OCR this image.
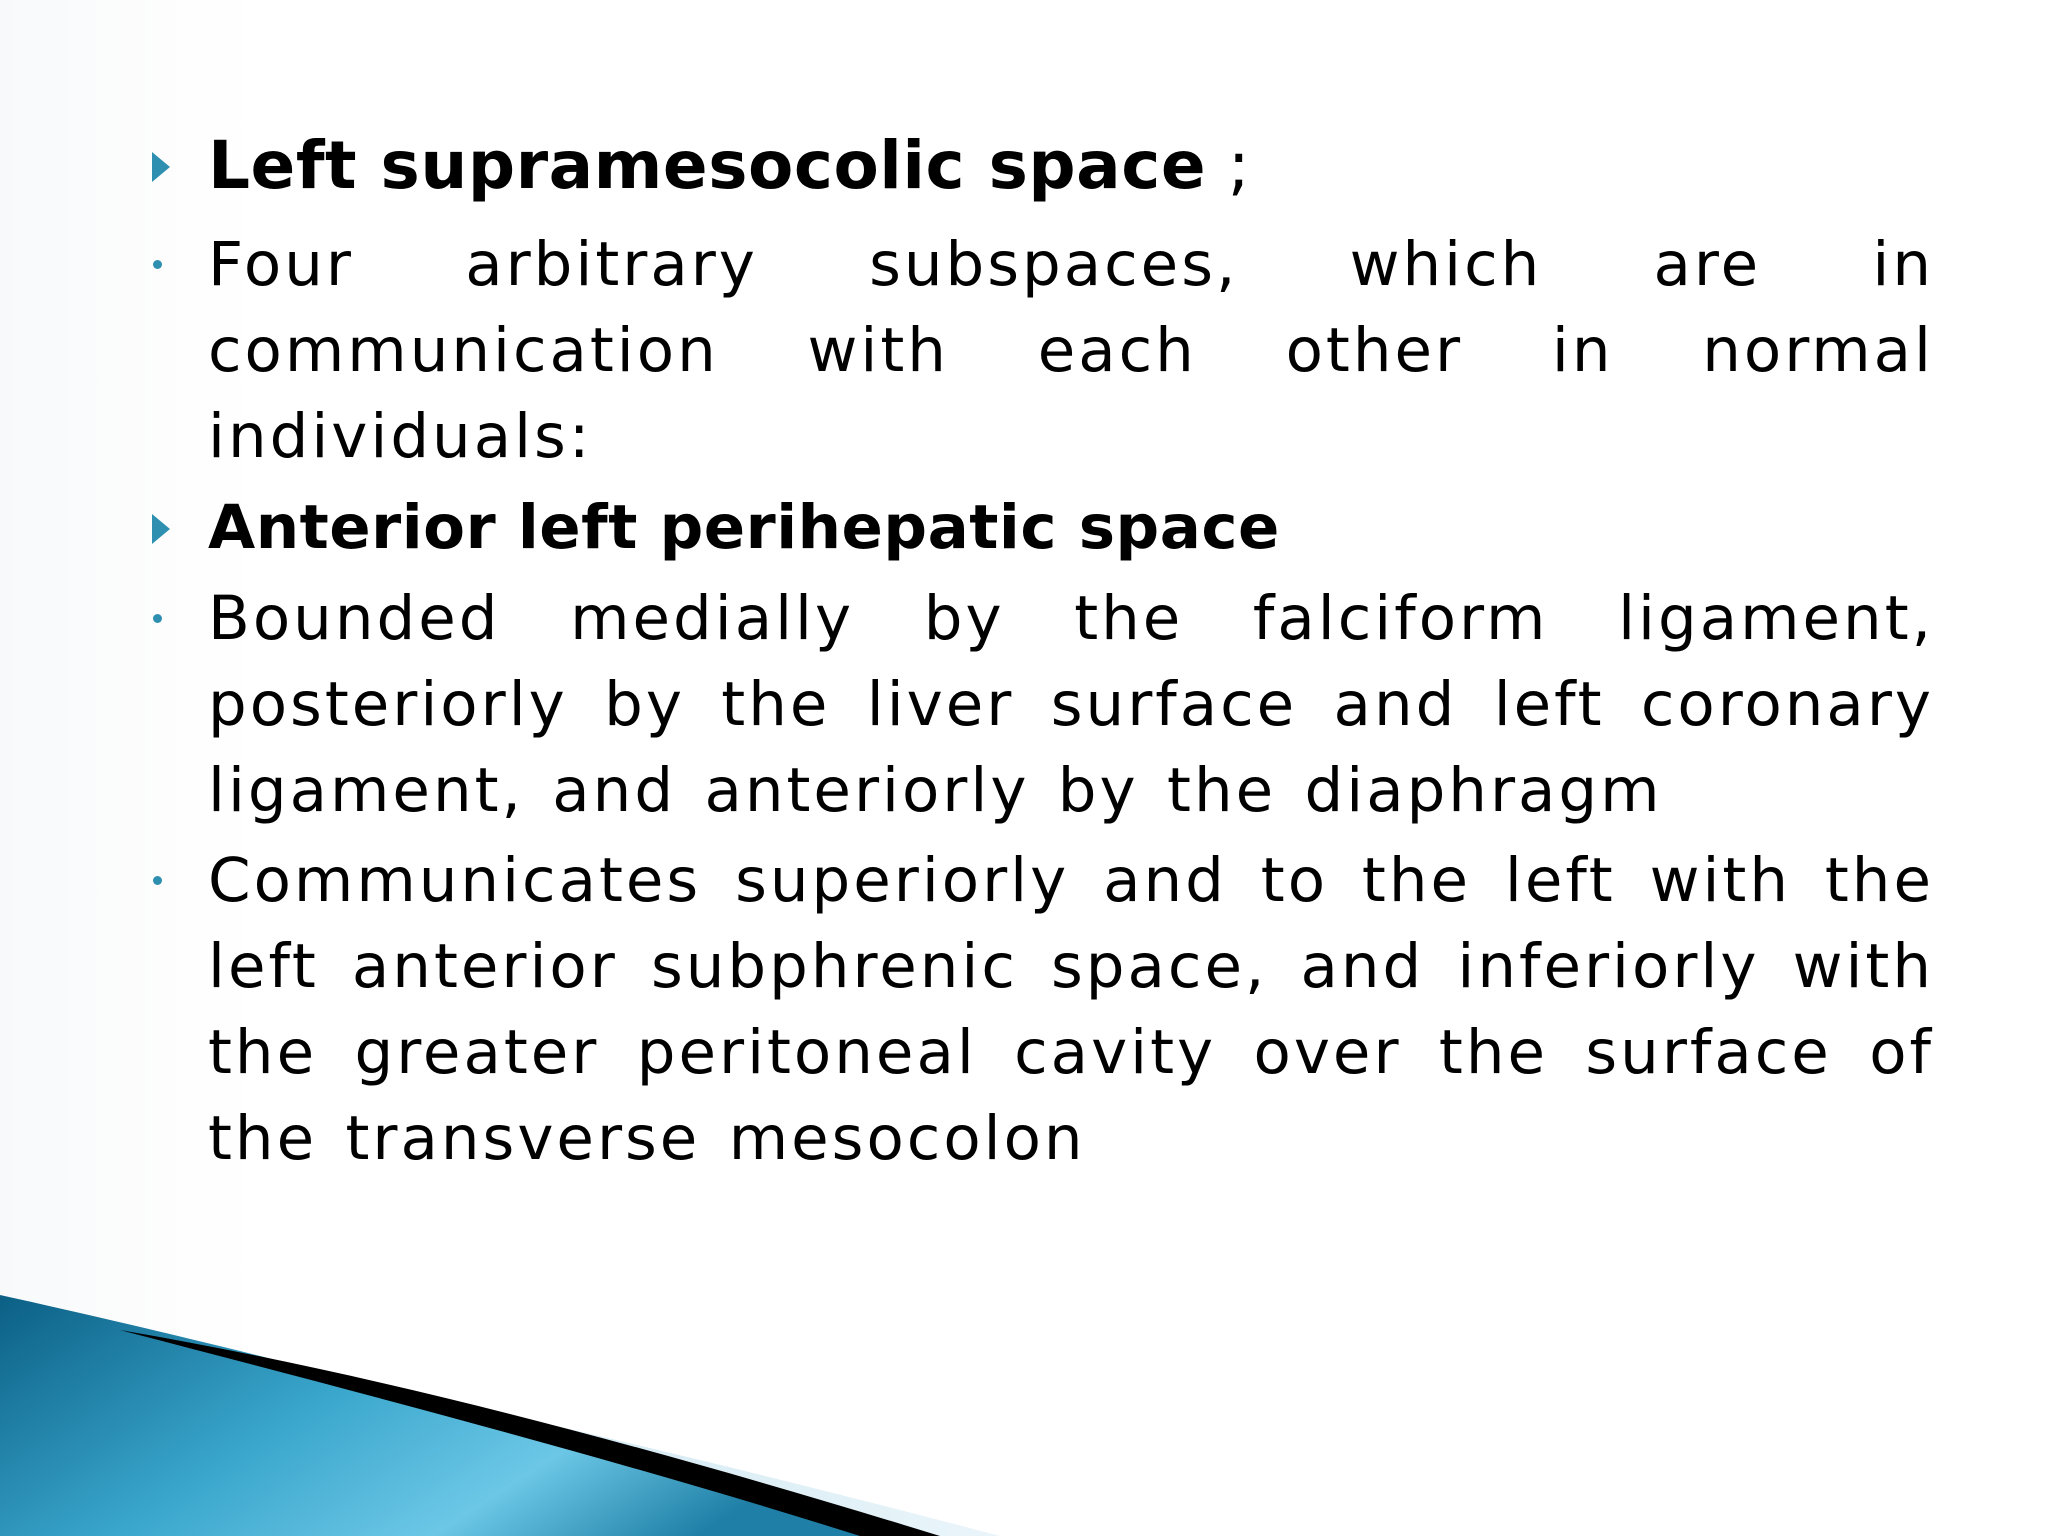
Left supramesocolic space ;
Four arbitrary subspaces, which are in communication with each other in normal individuals:
Anterior left perihepatic space
Bounded medially by the falciform ligament, posteriorly by the liver surface and left coronary ligament, and anteriorly by the diaphragm
Communicates superiorly and to the left with the left anterior subphrenic space, and inferiorly with the greater peritoneal cavity over the surface of the transverse mesocolon
